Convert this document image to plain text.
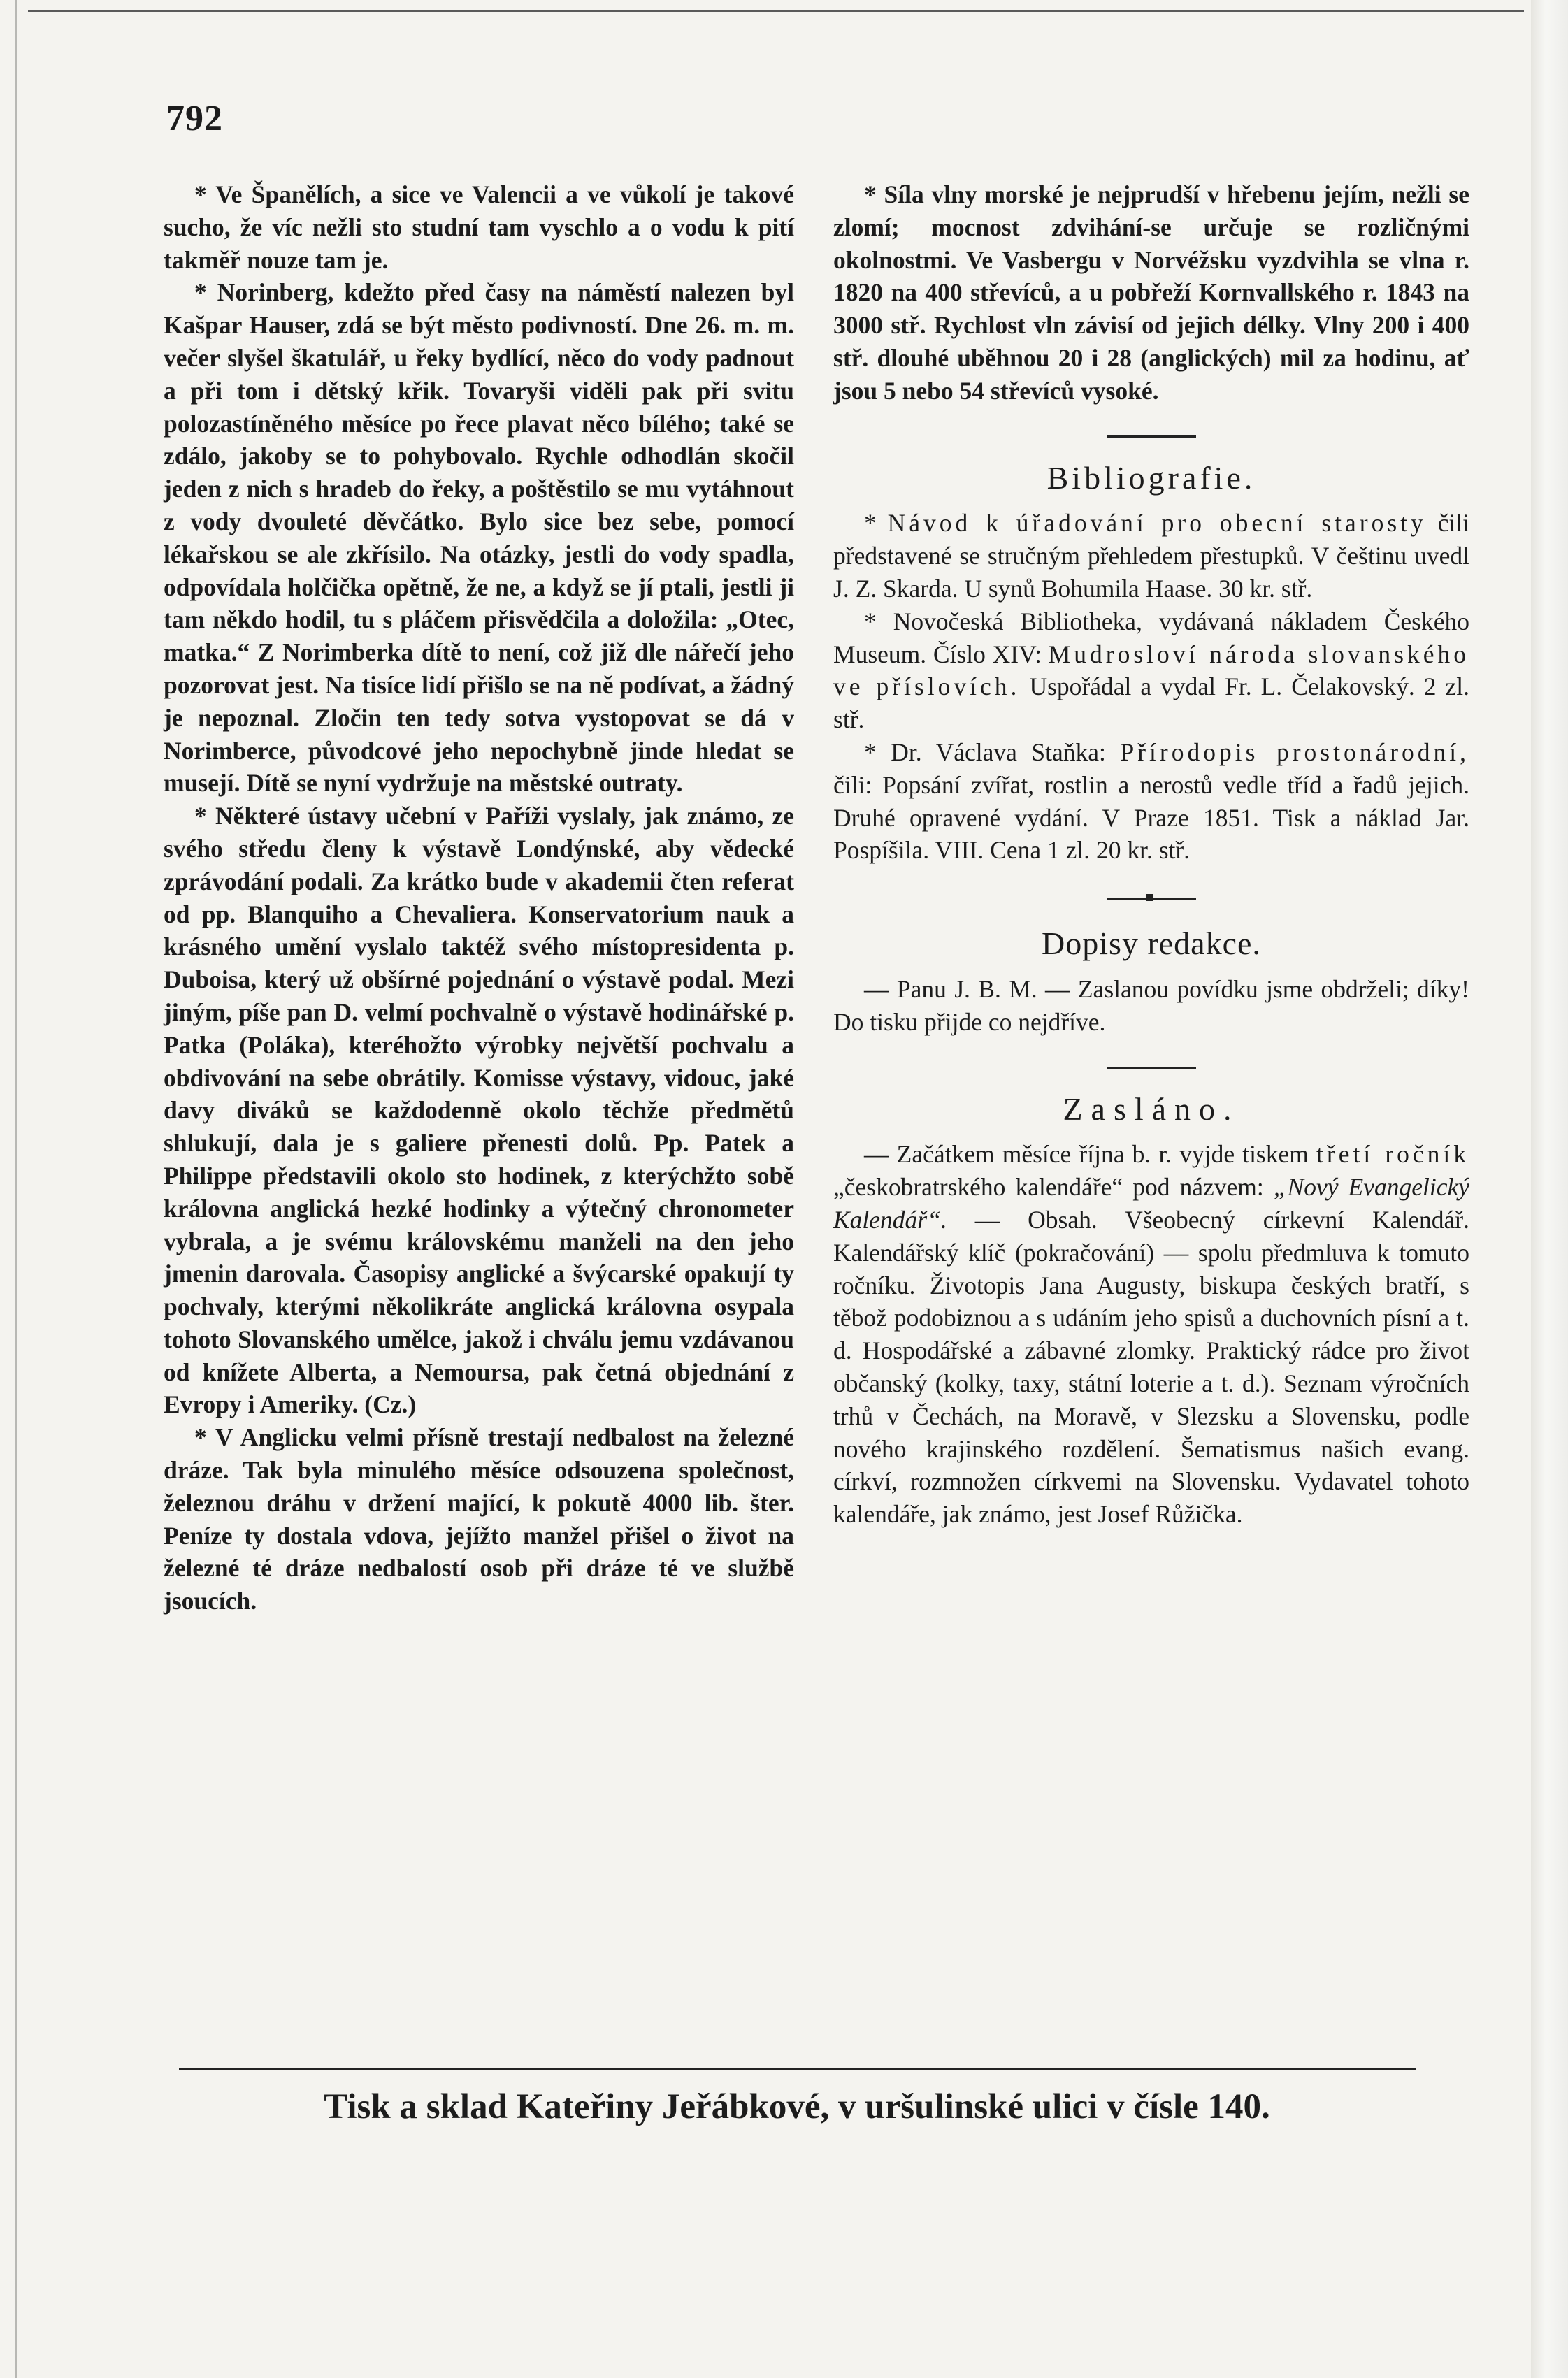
792

* Ve Španělích, a sice ve Valencii a ve vůkolí je takové sucho, že víc nežli sto studní tam vyschlo a o vodu k pití takměř nouze tam je.

* Norinberg, kdežto před časy na náměstí nalezen byl Kašpar Hauser, zdá se být město podivností. Dne 26. m. m. večer slyšel škatulář, u řeky bydlící, něco do vody padnout a při tom i dětský křik. Tovaryši viděli pak při svitu polozastíněného měsíce po řece plavat něco bílého; také se zdálo, jakoby se to pohybovalo. Rychle odhodlán skočil jeden z nich s hradeb do řeky, a poštěstilo se mu vytáhnout z vody dvouleté děvčátko. Bylo sice bez sebe, pomocí lékařskou se ale zkřísilo. Na otázky, jestli do vody spadla, odpovídala holčička opětně, že ne, a když se jí ptali, jestli ji tam někdo hodil, tu s pláčem přisvědčila a doložila: „Otec, matka.“ Z Norimberka dítě to není, což již dle nářečí jeho pozorovat jest. Na tisíce lidí přišlo se na ně podívat, a žádný je nepoznal. Zločin ten tedy sotva vystopovat se dá v Norimberce, původcové jeho nepochybně jinde hledat se musejí. Dítě se nyní vydržuje na městské outraty.

* Některé ústavy učební v Paříži vyslaly, jak známo, ze svého středu členy k výstavě Londýnské, aby vědecké zprávodání podali. Za krátko bude v akademii čten referat od pp. Blanquiho a Chevaliera. Konservatorium nauk a krásného umění vyslalo taktéž svého místopresidenta p. Duboisa, který už obšírné pojednání o výstavě podal. Mezi jiným, píše pan D. velmí pochvalně o výstavě hodinářské p. Patka (Poláka), kteréhožto výrobky největší pochvalu a obdivování na sebe obrátily. Komisse výstavy, vidouc, jaké davy diváků se každodenně okolo těchže předmětů shlukují, dala je s galiere přenesti dolů. Pp. Patek a Philippe představili okolo sto hodinek, z kterýchžto sobě královna anglická hezké hodinky a výtečný chronometer vybrala, a je svému královskému manželi na den jeho jmenin darovala. Časopisy anglické a švýcarské opakují ty pochvaly, kterými několikráte anglická královna osypala tohoto Slovanského umělce, jakož i chválu jemu vzdávanou od knížete Alberta, a Nemoursa, pak četná objednání z Evropy i Ameriky. (Cz.)

* V Anglicku velmi přísně trestají nedbalost na železné dráze. Tak byla minulého měsíce odsouzena společnost, železnou dráhu v držení mající, k pokutě 4000 lib. šter. Peníze ty dostala vdova, jejížto manžel přišel o život na železné té dráze nedbalostí osob při dráze té ve službě jsoucích.

* Síla vlny morské je nejprudší v hřebenu jejím, nežli se zlomí; mocnost zdvihání-se určuje se rozličnými okolnostmi. Ve Vasbergu v Norvéžsku vyzdvihla se vlna r. 1820 na 400 střevíců, a u pobřeží Kornvallského r. 1843 na 3000 stř. Rychlost vln závisí od jejich délky. Vlny 200 i 400 stř. dlouhé uběhnou 20 i 28 (anglických) mil za hodinu, ať jsou 5 nebo 54 střevíců vysoké.

Bibliografie.

* Návod k úřadování pro obecní starosty čili představené se stručným přehledem přestupků. V češtinu uvedl J. Z. Skarda. U synů Bohumila Haase. 30 kr. stř.

* Novočeská Bibliotheka, vydávaná nákladem Českého Museum. Číslo XIV: Mudrosloví národa slovanského ve příslovích. Uspořádal a vydal Fr. L. Čelakovský. 2 zl. stř.

* Dr. Václava Staňka: Přírodopis prostonárodní, čili: Popsání zvířat, rostlin a nerostů vedle tříd a řadů jejich. Druhé opravené vydání. V Praze 1851. Tisk a náklad Jar. Pospíšila. VIII. Cena 1 zl. 20 kr. stř.

Dopisy redakce.

— Panu J. B. M. — Zaslanou povídku jsme obdrželi; díky! Do tisku přijde co nejdříve.

Zasláno.

— Začátkem měsíce října b. r. vyjde tiskem třetí ročník „českobratrského kalendáře“ pod názvem: „Nový Evangelický Kalendář“. — Obsah. Všeobecný církevní Kalendář. Kalendářský klíč (pokračování) — spolu předmluva k tomuto ročníku. Životopis Jana Augusty, biskupa českých bratří, s těbož podobiznou a s udáním jeho spisů a duchovních písní a t. d. Hospodářské a zábavné zlomky. Praktický rádce pro život občanský (kolky, taxy, státní loterie a t. d.). Seznam výročních trhů v Čechách, na Moravě, v Slezsku a Slovensku, podle nového krajinského rozdělení. Šematismus našich evang. církví, rozmnožen církvemi na Slovensku. Vydavatel tohoto kalendáře, jak známo, jest Josef Růžička.

Tisk a sklad Kateřiny Jeřábkové, v uršulinské ulici v čísle 140.
